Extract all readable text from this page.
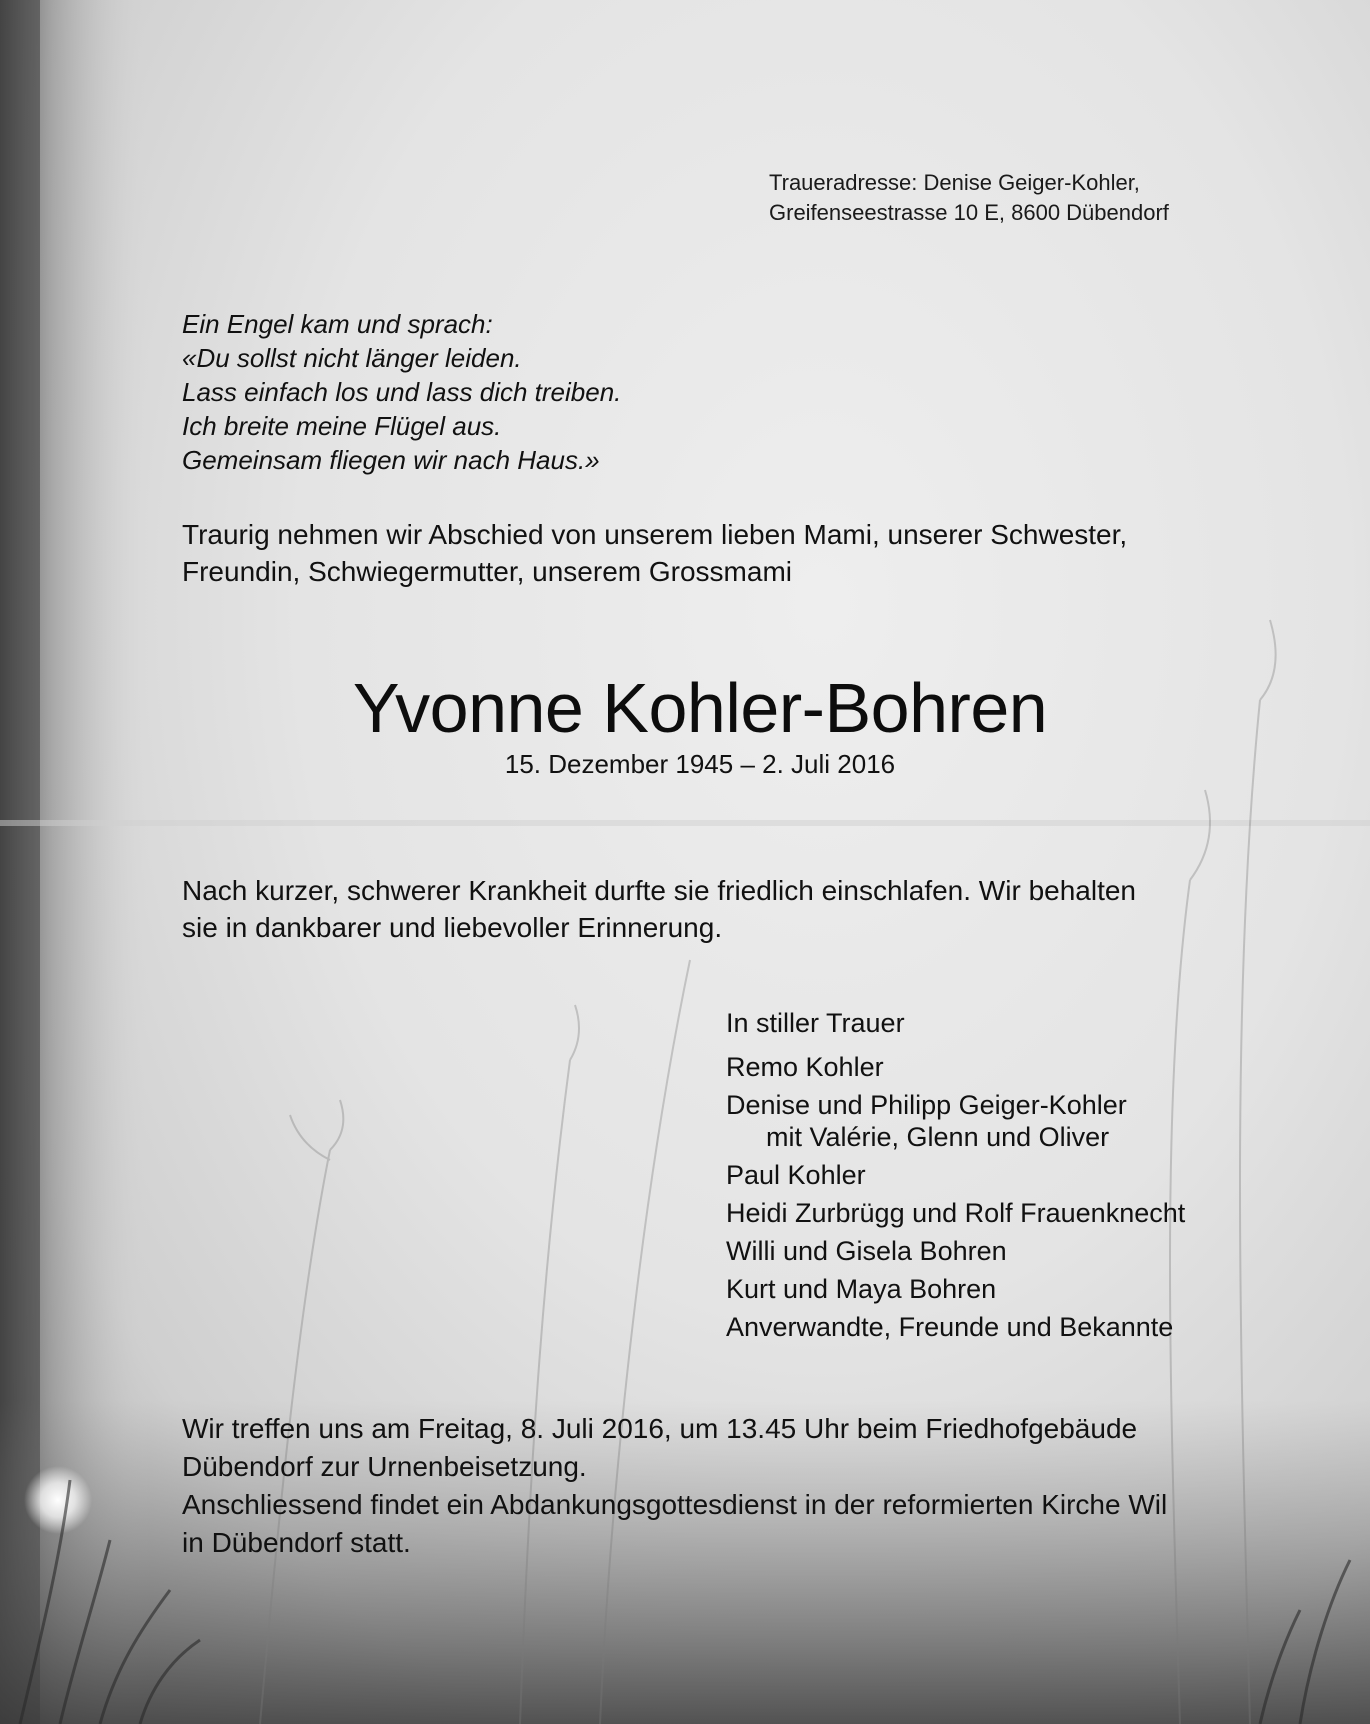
Traueradresse: Denise Geiger-Kohler,
Greifenseestrasse 10 E, 8600 Dübendorf
Ein Engel kam und sprach:
«Du sollst nicht länger leiden.
Lass einfach los und lass dich treiben.
Ich breite meine Flügel aus.
Gemeinsam fliegen wir nach Haus.»
Traurig nehmen wir Abschied von unserem lieben Mami, unserer Schwester,
Freundin, Schwiegermutter, unserem Grossmami
Yvonne Kohler-Bohren
15. Dezember 1945 – 2. Juli 2016
Nach kurzer, schwerer Krankheit durfte sie friedlich einschlafen. Wir behalten
sie in dankbarer und liebevoller Erinnerung.
In stiller Trauer
Remo Kohler
Denise und Philipp Geiger-Kohler
mit Valérie, Glenn und Oliver
Paul Kohler
Heidi Zurbrügg und Rolf Frauenknecht
Willi und Gisela Bohren
Kurt und Maya Bohren
Anverwandte, Freunde und Bekannte
Wir treffen uns am Freitag, 8. Juli 2016, um 13.45 Uhr beim Friedhofgebäude
Dübendorf zur Urnenbeisetzung.
Anschliessend findet ein Abdankungsgottesdienst in der reformierten Kirche Wil
in Dübendorf statt.
